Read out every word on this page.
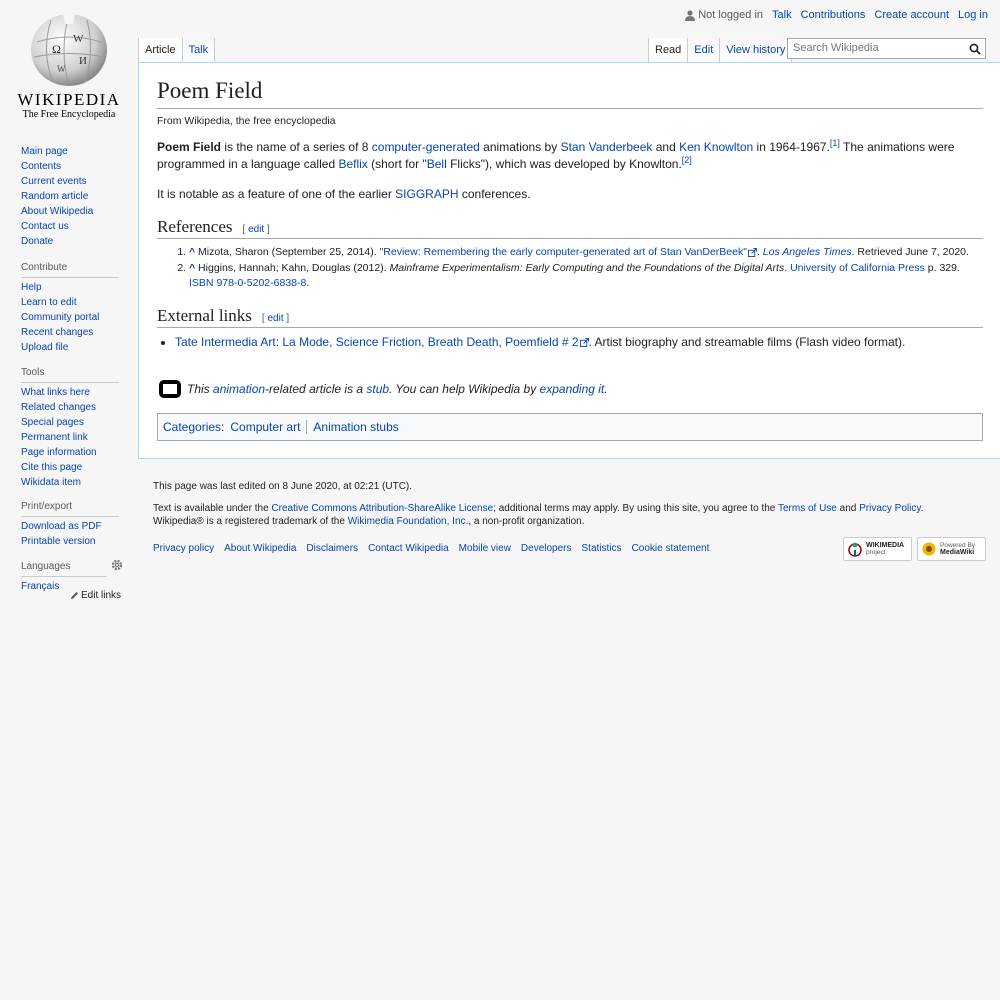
Ω
W
И
W
WIKIPEDIA
The Free Encyclopedia
Not logged in Talk Contributions Create account Log in
Article	Talk	Read	Edit	View history
Search Wikipedia
Poem Field
From Wikipedia, the free encyclopedia

Poem Field is the name of a series of 8 computer-generated animations by Stan Vanderbeek and Ken Knowlton in 1964-1967.[1] The animations were programmed in a language called Beflix (short for "Bell Flicks"), which was developed by Knowlton.[2]

It is notable as a feature of one of the earlier SIGGRAPH conferences.

References [ edit ]
1. ^ Mizota, Sharon (September 25, 2014). "Review: Remembering the early computer-generated art of Stan VanDerBeek" . Los Angeles Times. Retrieved June 7, 2020.
2. ^ Higgins, Hannah; Kahn, Douglas (2012). Mainframe Experimentalism: Early Computing and the Foundations of the Digital Arts. University of California Press p. 329. ISBN 978-0-5202-6838-8.
External links [ edit ]
• Tate Intermedia Art: La Mode, Science Friction, Breath Death, Poemfield # 2 . Artist biography and streamable films (Flash video format).
This animation-related article is a stub. You can help Wikipedia by expanding it.
Categories : Computer art Animation stubs
Main page
Contents
Current events
Random article
About Wikipedia
Contact us
Donate
Contribute
Help
Learn to edit
Community portal
Recent changes
Upload file
Tools
What links here
Related changes
Special pages
Permanent link
Page information
Cite this page
Wikidata item
Print/export
Download as PDF
Printable version
Languages
Français
Edit links
This page was last edited on 8 June 2020, at 02:21 (UTC).
Text is available under the Creative Commons Attribution-ShareAlike License; additional terms may apply. By using this site, you agree to the Terms of Use and Privacy Policy. Wikipedia® is a registered trademark of the Wikimedia Foundation, Inc., a non-profit organization.
Privacy policy About Wikipedia Disclaimers Contact Wikipedia Mobile view Developers Statistics Cookie statement	WIKIMEDIA
project
Powered By
MediaWiki
